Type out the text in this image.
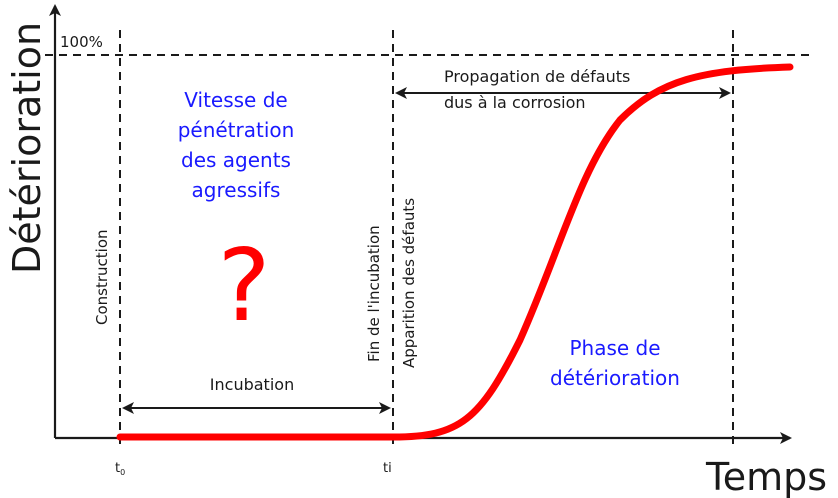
100%
Détérioration
Temps
$t_0$	ti
Construction	Fin de l'incubation Apparition des défauts
Incubation
Propagation de défauts
dus à la corrosion
Vitesse de
pénétration
des agents
agressifs
?
Phase de
détérioration
